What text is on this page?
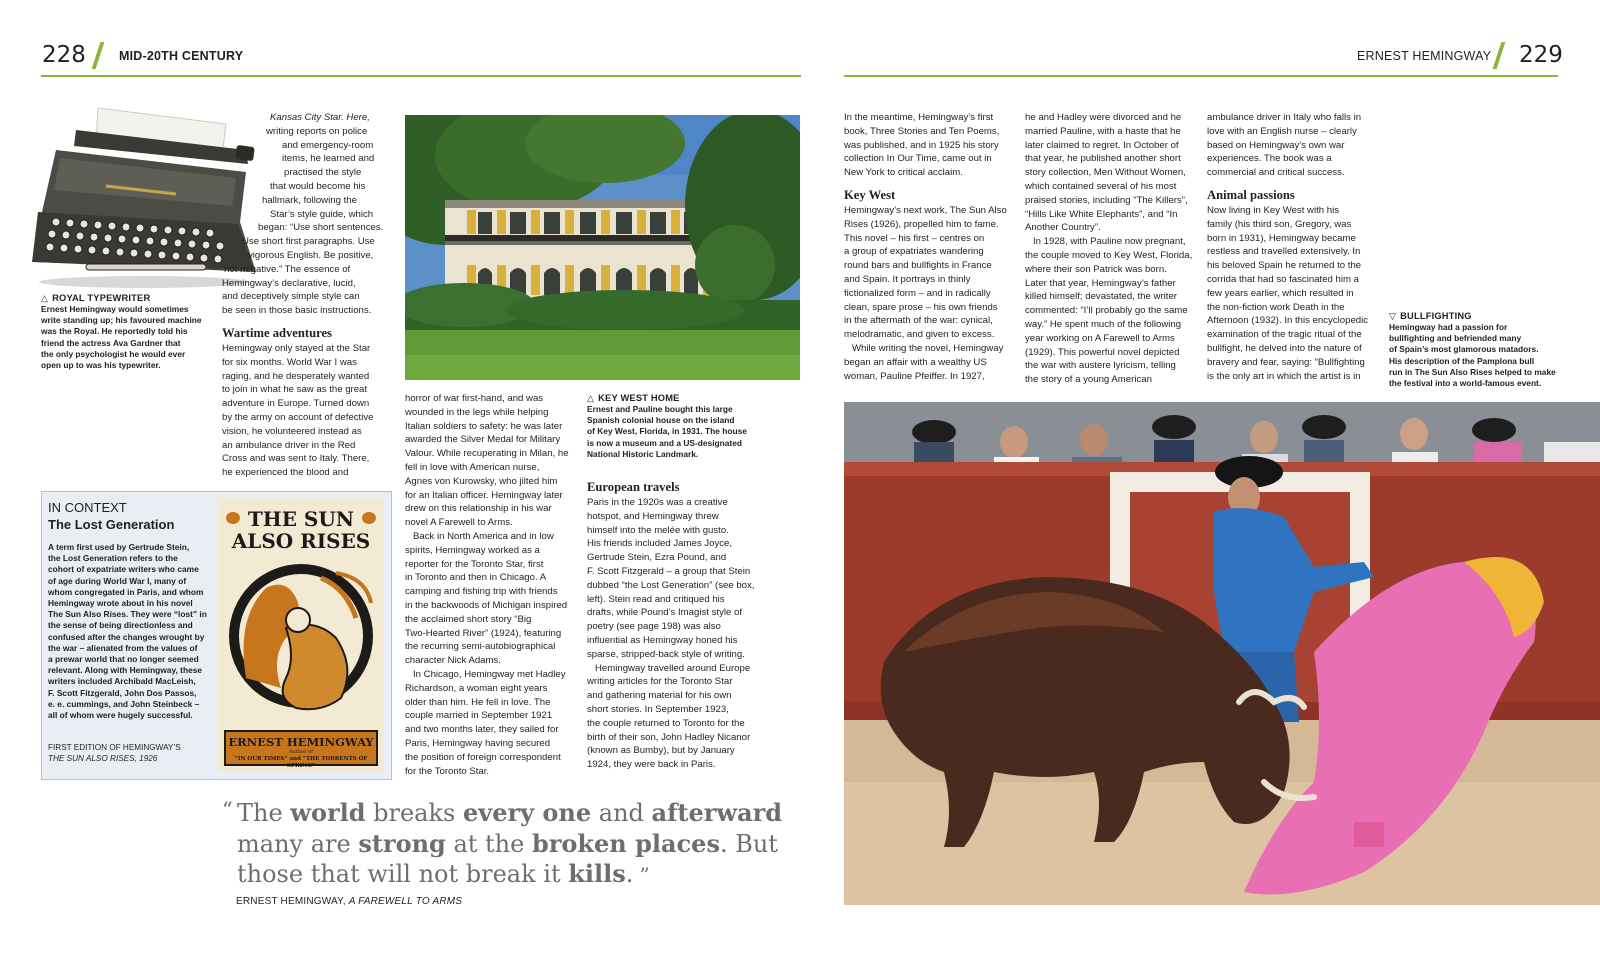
228	MID-20TH CENTURY	ERNEST HEMINGWAY 229
△ ROYAL TYPEWRITER
Ernest Hemingway would sometimes
write standing up; his favoured machine
was the Royal. He reportedly told his
friend the actress Ava Gardner that
the only psychologist he would ever
open up to was his typewriter.
Kansas City Star. Here,
writing reports on police
and emergency-room
items, he learned and
practised the style
that would become his
hallmark, following the
Star’s style guide, which
began: “Use short sentences.
Use short first paragraphs. Use
vigorous English. Be positive,
not negative.” The essence of
Hemingway’s declarative, lucid,
and deceptively simple style can
be seen in those basic instructions.
Wartime adventures
Hemingway only stayed at the Star
for six months. World War I was
raging, and he desperately wanted
to join in what he saw as the great
adventure in Europe. Turned down
by the army on account of defective
vision, he volunteered instead as
an ambulance driver in the Red
Cross and was sent to Italy. There,
he experienced the blood and
△ KEY WEST HOME
Ernest and Pauline bought this large
Spanish colonial house on the island
of Key West, Florida, in 1931. The house
is now a museum and a US-designated
National Historic Landmark.
horror of war first-hand, and was
wounded in the legs while helping
Italian soldiers to safety: he was later
awarded the Silver Medal for Military
Valour. While recuperating in Milan, he
fell in love with American nurse,
Agnes von Kurowsky, who jilted him
for an Italian officer. Hemingway later
drew on this relationship in his war
novel A Farewell to Arms.
Back in North America and in low
spirits, Hemingway worked as a
reporter for the Toronto Star, first
in Toronto and then in Chicago. A
camping and fishing trip with friends
in the backwoods of Michigan inspired
the acclaimed short story “Big
Two-Hearted River” (1924), featuring
the recurring semi-autobiographical
character Nick Adams.
In Chicago, Hemingway met Hadley
Richardson, a woman eight years
older than him. He fell in love. The
couple married in September 1921
and two months later, they sailed for
Paris, Hemingway having secured
the position of foreign correspondent
for the Toronto Star.
European travels
Paris in the 1920s was a creative
hotspot, and Hemingway threw
himself into the melée with gusto.
His friends included James Joyce,
Gertrude Stein, Ezra Pound, and
F. Scott Fitzgerald – a group that Stein
dubbed “the Lost Generation” (see box,
left). Stein read and critiqued his
drafts, while Pound’s Imagist style of
poetry (see page 198) was also
influential as Hemingway honed his
sparse, stripped-back style of writing.
Hemingway travelled around Europe
writing articles for the Toronto Star
and gathering material for his own
short stories. In September 1923,
the couple returned to Toronto for the
birth of their son, John Hadley Nicanor
(known as Bumby), but by January
1924, they were back in Paris.
In the meantime, Hemingway’s first
book, Three Stories and Ten Poems,
was published, and in 1925 his story
collection In Our Time, came out in
New York to critical acclaim.
Key West
Hemingway’s next work, The Sun Also
Rises (1926), propelled him to fame.
This novel – his first – centres on
a group of expatriates wandering
round bars and bullfights in France
and Spain. It portrays in thinly
fictionalized form – and in radically
clean, spare prose – his own friends
in the aftermath of the war: cynical,
melodramatic, and given to excess.
While writing the novel, Hemingway
began an affair with a wealthy US
woman, Pauline Pfeiffer. In 1927,
he and Hadley were divorced and he
married Pauline, with a haste that he
later claimed to regret. In October of
that year, he published another short
story collection, Men Without Women,
which contained several of his most
praised stories, including “The Killers”,
“Hills Like White Elephants”, and “In
Another Country”.
In 1928, with Pauline now pregnant,
the couple moved to Key West, Florida,
where their son Patrick was born.
Later that year, Hemingway’s father
killed himself; devastated, the writer
commented: “I’ll probably go the same
way.” He spent much of the following
year working on A Farewell to Arms
(1929). This powerful novel depicted
the war with austere lyricism, telling
the story of a young American
ambulance driver in Italy who falls in
love with an English nurse – clearly
based on Hemingway’s own war
experiences. The book was a
commercial and critical success.
Animal passions
Now living in Key West with his
family (his third son, Gregory, was
born in 1931), Hemingway became
restless and travelled extensively. In
his beloved Spain he returned to the
corrida that had so fascinated him a
few years earlier, which resulted in
the non-fiction work Death in the
Afternoon (1932). In this encyclopedic
examination of the tragic ritual of the
bullfight, he delved into the nature of
bravery and fear, saying: “Bullfighting
is the only art in which the artist is in
▽ BULLFIGHTING
Hemingway had a passion for
bullfighting and befriended many
of Spain’s most glamorous matadors.
His description of the Pamplona bull
run in The Sun Also Rises helped to make
the festival into a world-famous event.
IN CONTEXT
The Lost Generation
A term first used by Gertrude Stein,
the Lost Generation refers to the
cohort of expatriate writers who came
of age during World War I, many of
whom congregated in Paris, and whom
Hemingway wrote about in his novel
The Sun Also Rises. They were “lost” in
the sense of being directionless and
confused after the changes wrought by
the war – alienated from the values of
a prewar world that no longer seemed
relevant. Along with Hemingway, these
writers included Archibald MacLeish,
F. Scott Fitzgerald, John Dos Passos,
e. e. cummings, and John Steinbeck –
all of whom were hugely successful.
FIRST EDITION OF HEMINGWAY’S
THE SUN ALSO RISES, 1926
THE SUN
ALSO RISES
ERNEST HEMINGWAY
Author of
“IN OUR TIMES” and “THE TORRENTS OF SPRING”
“ The world breaks every one and afterward
many are strong at the broken places. But
those that will not break it kills. ”
ERNEST HEMINGWAY, A FAREWELL TO ARMS
